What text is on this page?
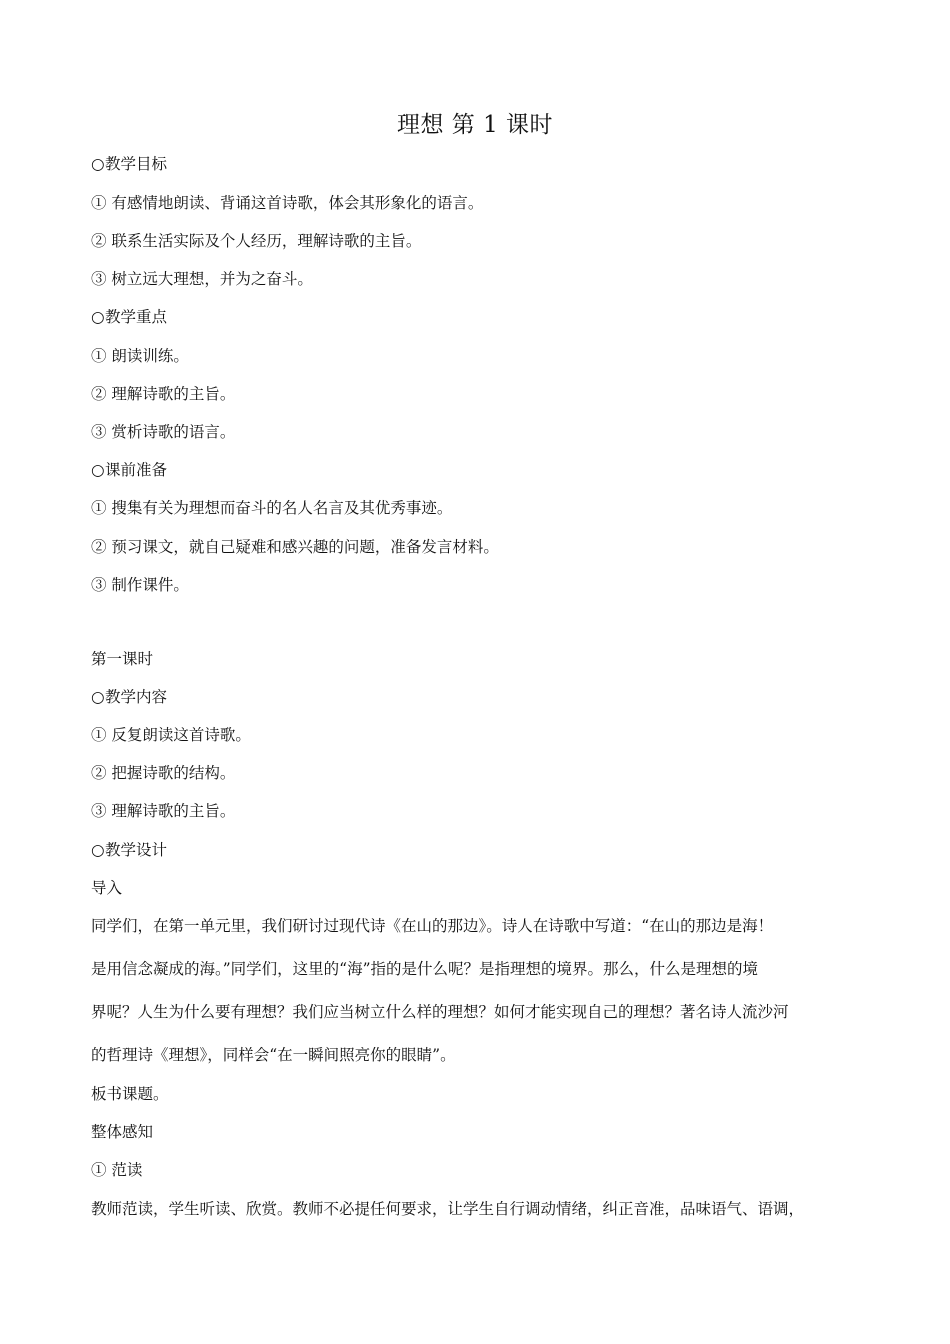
理想 第 1 课时
○教学目标
① 有感情地朗读、背诵这首诗歌，体会其形象化的语言。
② 联系生活实际及个人经历，理解诗歌的主旨。
③ 树立远大理想，并为之奋斗。
○教学重点
① 朗读训练。
② 理解诗歌的主旨。
③ 赏析诗歌的语言。
○课前准备
① 搜集有关为理想而奋斗的名人名言及其优秀事迹。
② 预习课文，就自己疑难和感兴趣的问题，准备发言材料。
③ 制作课件。
第一课时
○教学内容
① 反复朗读这首诗歌。
② 把握诗歌的结构。
③ 理解诗歌的主旨。
○教学设计
导入
同学们，在第一单元里，我们研讨过现代诗《在山的那边》。诗人在诗歌中写道：“在山的那边是海！
是用信念凝成的海。”同学们，这里的“海”指的是什么呢？是指理想的境界。那么，什么是理想的境
界呢？人生为什么要有理想？我们应当树立什么样的理想？如何才能实现自己的理想？著名诗人流沙河
的哲理诗《理想》，同样会“在一瞬间照亮你的眼睛”。
板书课题。
整体感知
① 范读
教师范读，学生听读、欣赏。教师不必提任何要求，让学生自行调动情绪，纠正音准，品味语气、语调，
